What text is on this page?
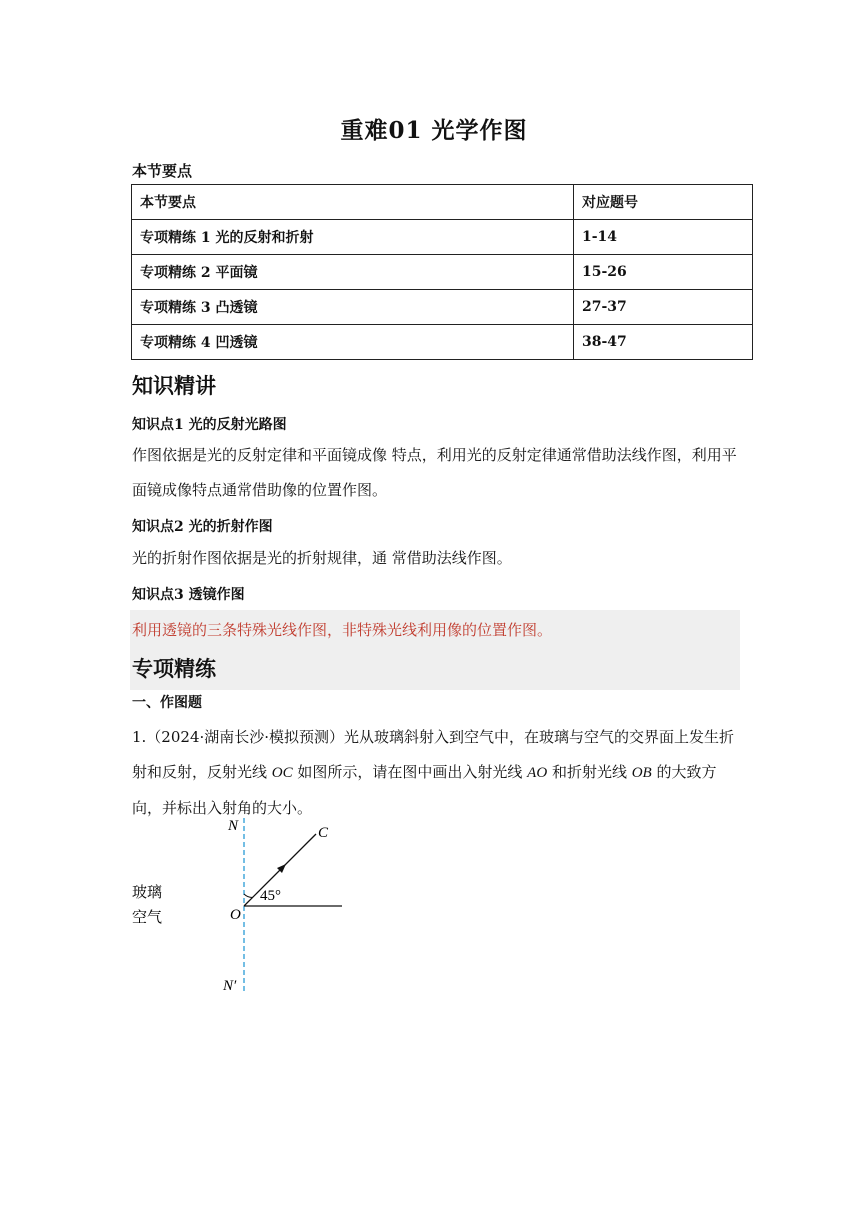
重难01 光学作图
本节要点
本节要点	对应题号
专项精练 1 光的反射和折射	1-14
专项精练 2 平面镜	15-26
专项精练 3 凸透镜	27-37
专项精练 4 凹透镜	38-47
知识精讲
知识点1 光的反射光路图
作图依据是光的反射定律和平面镜成像 特点，利用光的反射定律通常借助法线作图，利用平 面镜成像特点通常借助像的位置作图。
知识点2 光的折射作图
光的折射作图依据是光的折射规律，通 常借助法线作图。
知识点3 透镜作图
利用透镜的三条特殊光线作图，非特殊光线利用像的位置作图。
专项精练
一、作图题
1.（2024·湖南长沙·模拟预测）光从玻璃斜射入到空气中，在玻璃与空气的交界面上发生折射和反射，反射光线 OC 如图所示，请在图中画出入射光线 AO 和折射光线 OB 的大致方向，并标出入射角的大小。
N	C
45°
O
N′
玻璃
空气
